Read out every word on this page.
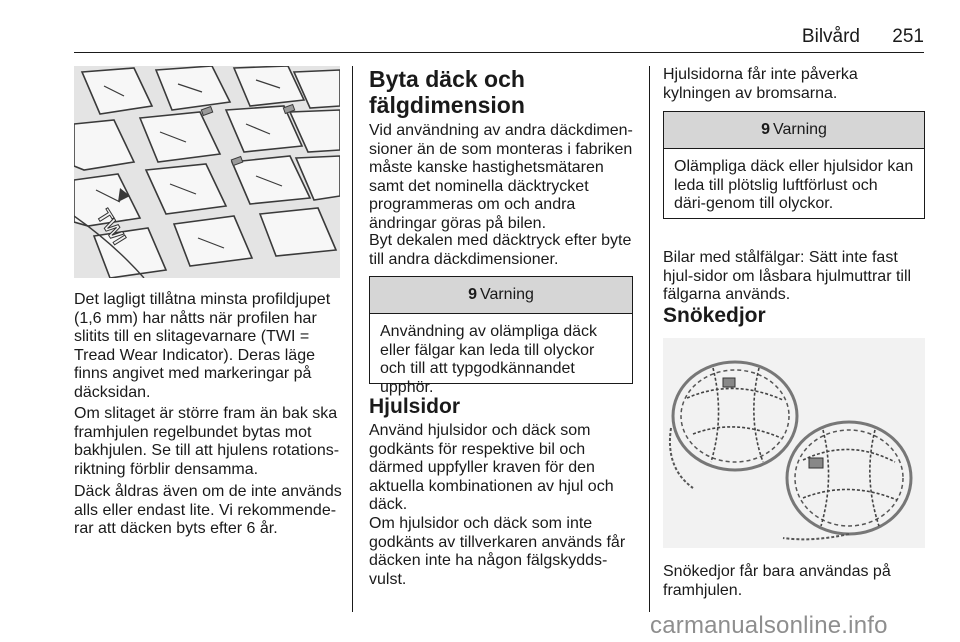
Bilvård	251
TWI

Det lagligt tillåtna minsta profildjupet (1,6 mm) har nåtts när profilen har slitits till en slitagevarnare (TWI = Tread Wear Indicator). Deras läge finns angivet med markeringar på däcksidan.

Om slitaget är större fram än bak ska framhjulen regelbundet bytas mot bakhjulen. Se till att hjulens rotations-riktning förblir densamma.

Däck åldras även om de inte används alls eller endast lite. Vi rekommende-rar att däcken byts efter 6 år.

Byta däck och fälgdimension

Vid användning av andra däckdimen-sioner än de som monteras i fabriken måste kanske hastighetsmätaren samt det nominella däcktrycket programmeras om och andra ändringar göras på bilen.

Byt dekalen med däcktryck efter byte till andra däckdimensioner.

9 Varning
Användning av olämpliga däck eller fälgar kan leda till olyckor och till att typgodkännandet upphör.
Hjulsidor

Använd hjulsidor och däck som godkänts för respektive bil och därmed uppfyller kraven för den aktuella kombinationen av hjul och däck.

Om hjulsidor och däck som inte godkänts av tillverkaren används får däcken inte ha någon fälgskydds-vulst.

Hjulsidorna får inte påverka kylningen av bromsarna.

9 Varning
Olämpliga däck eller hjulsidor kan leda till plötslig luftförlust och däri-genom till olyckor.

Bilar med stålfälgar: Sätt inte fast hjul-sidor om låsbara hjulmuttrar till fälgarna används.

Snökedjor

Snökedjor får bara användas på framhjulen.

carmanualsonline.info
